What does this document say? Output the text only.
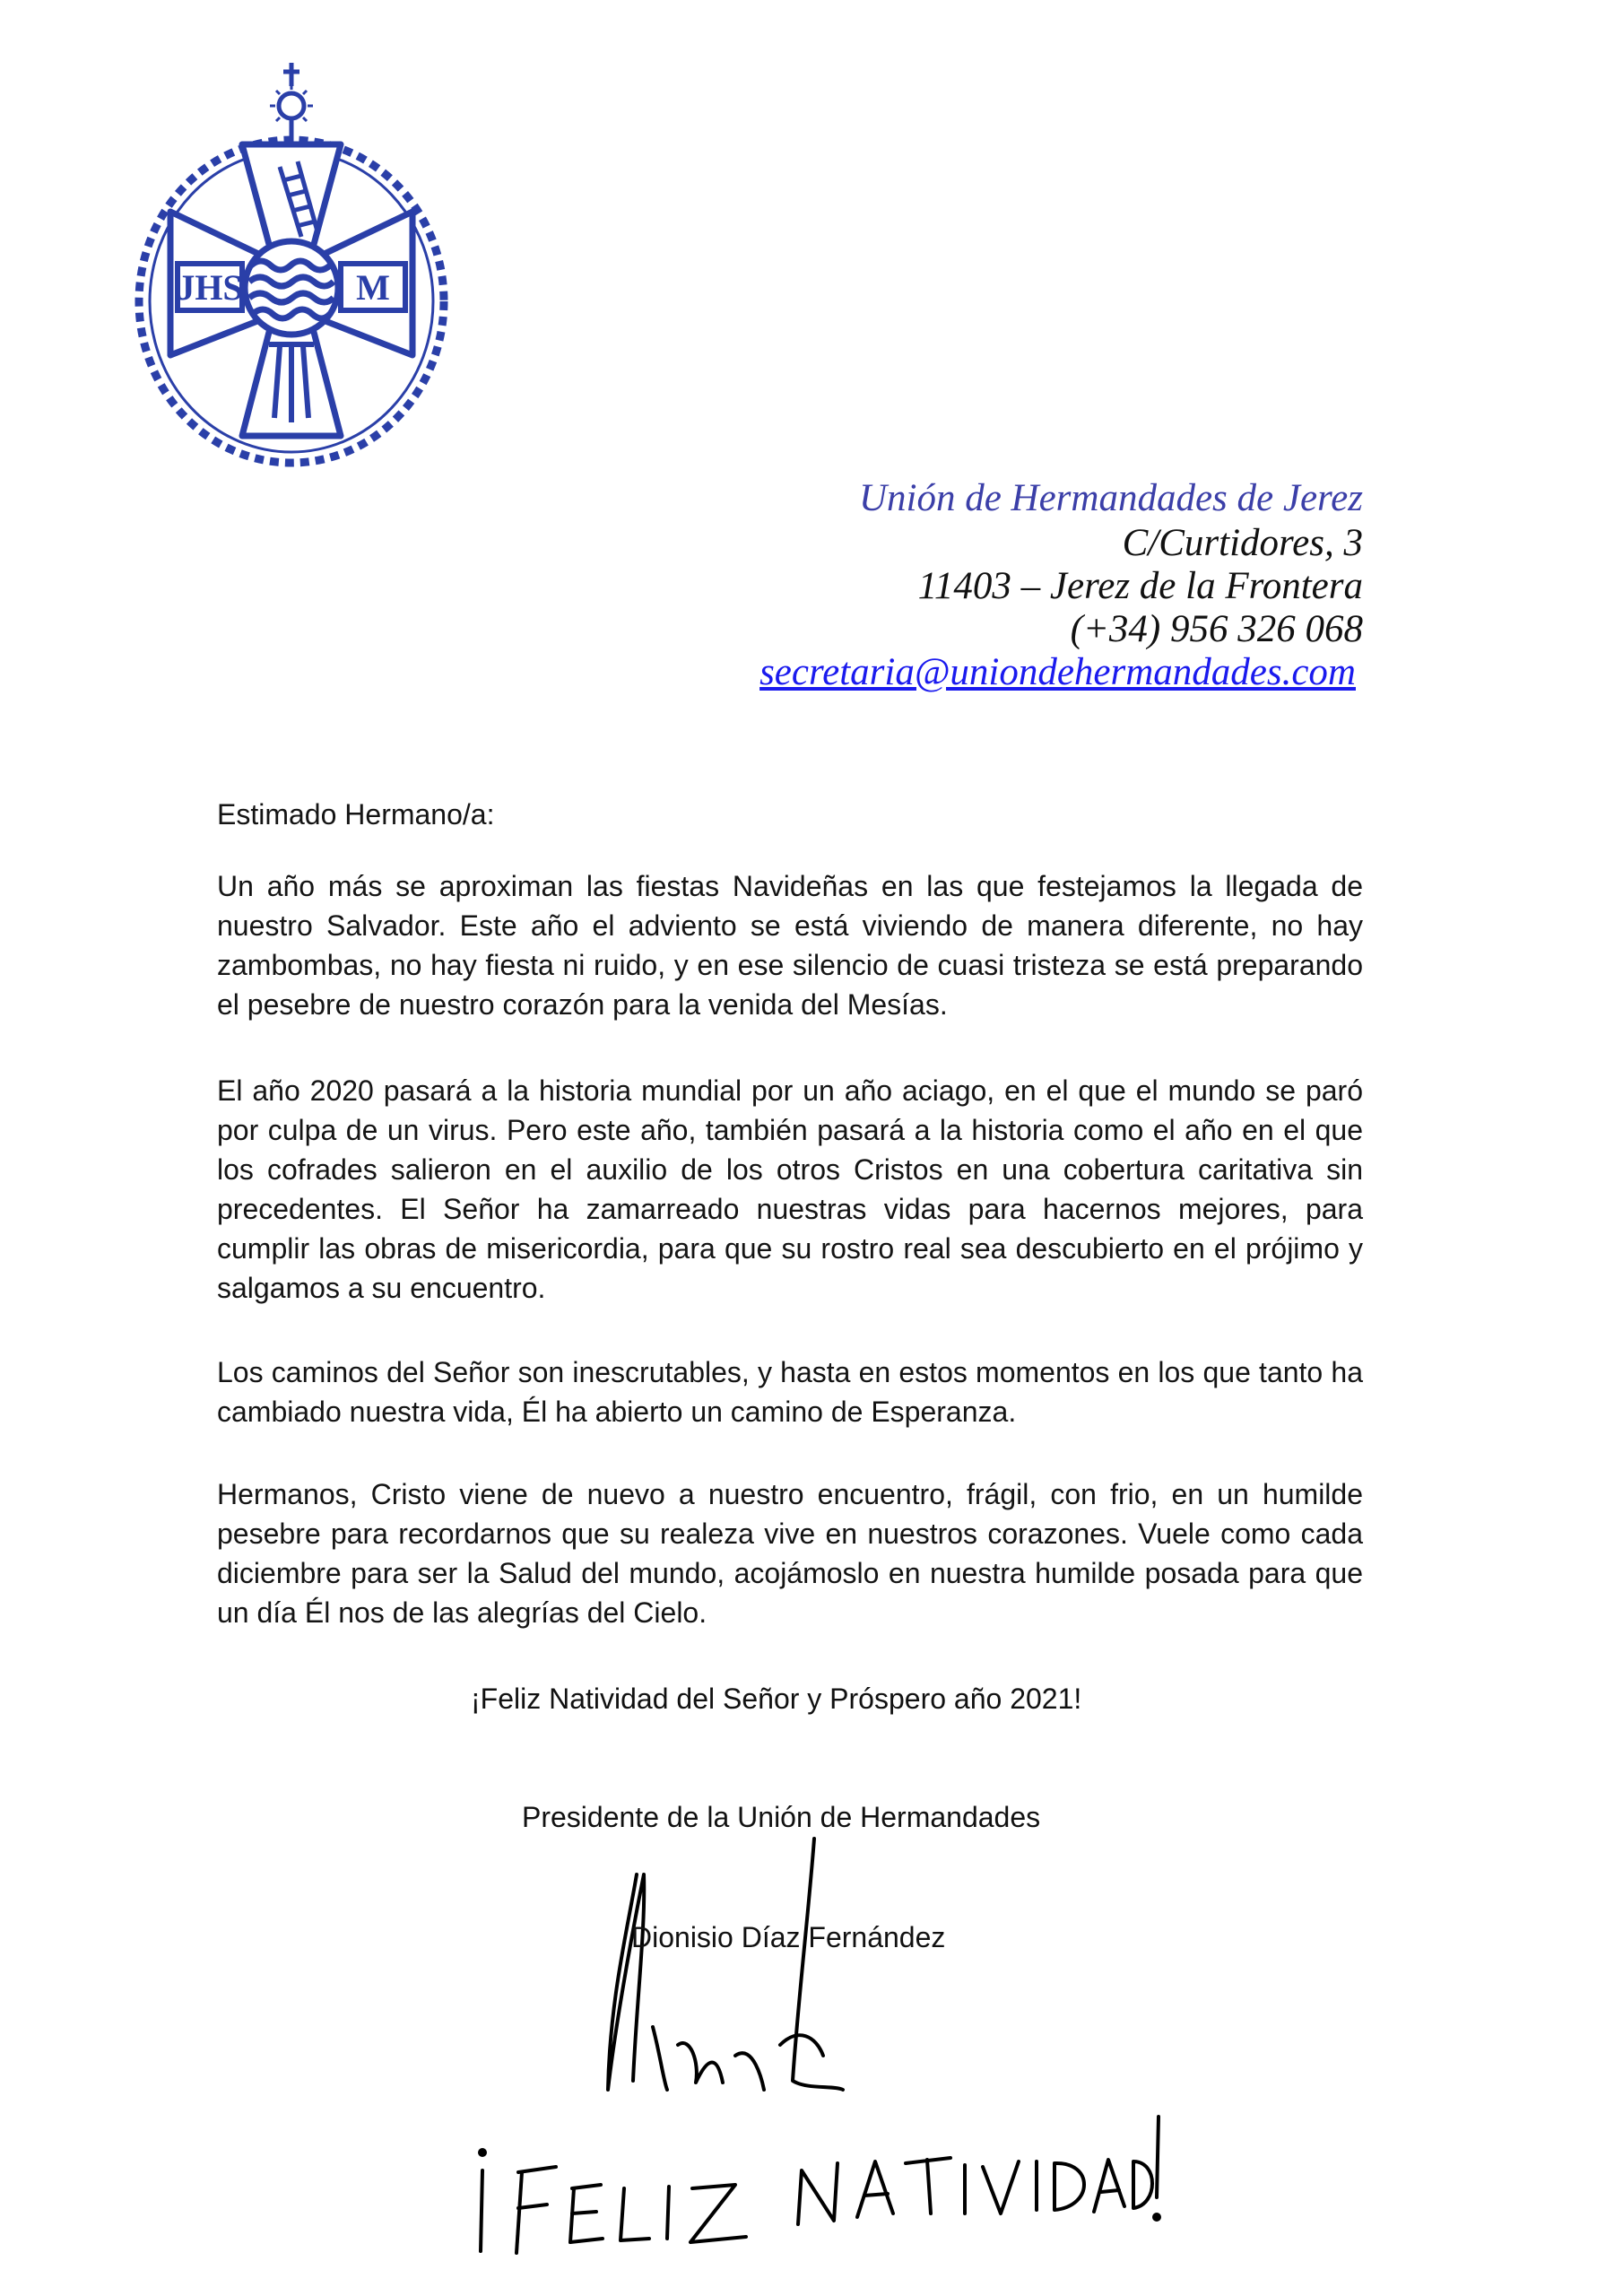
JHS	M
Unión de Hermandades de Jerez
C/Curtidores, 3
11403 – Jerez de la Frontera
(+34) 956 326 068
secretaria@uniondehermandades.com
Estimado Hermano/a:
Un año más se aproximan las fiestas Navideñas en las que festejamos la llegada de nuestro Salvador. Este año el adviento se está viviendo de manera diferente, no hay zambombas, no hay fiesta ni ruido, y en ese silencio de cuasi tristeza se está preparando el pesebre de nuestro corazón para la venida del Mesías.
El año 2020 pasará a la historia mundial por un año aciago, en el que el mundo se paró por culpa de un virus. Pero este año, también pasará a la historia como el año en el que los cofrades salieron en el auxilio de los otros Cristos en una cobertura caritativa sin precedentes. El Señor ha zamarreado nuestras vidas para hacernos mejores, para cumplir las obras de misericordia, para que su rostro real sea descubierto en el prójimo y salgamos a su encuentro.
Los caminos del Señor son inescrutables, y hasta en estos momentos en los que tanto ha cambiado nuestra vida, Él ha abierto un camino de Esperanza.
Hermanos, Cristo viene de nuevo a nuestro encuentro, frágil, con frio, en un humilde pesebre para recordarnos que su realeza vive en nuestros corazones. Vuele como cada diciembre para ser la Salud del mundo, acojámoslo en nuestra humilde posada para que un día Él nos de las alegrías del Cielo.
¡Feliz Natividad del Señor y Próspero año 2021!
Presidente de la Unión de Hermandades
Dionisio Díaz Fernández
